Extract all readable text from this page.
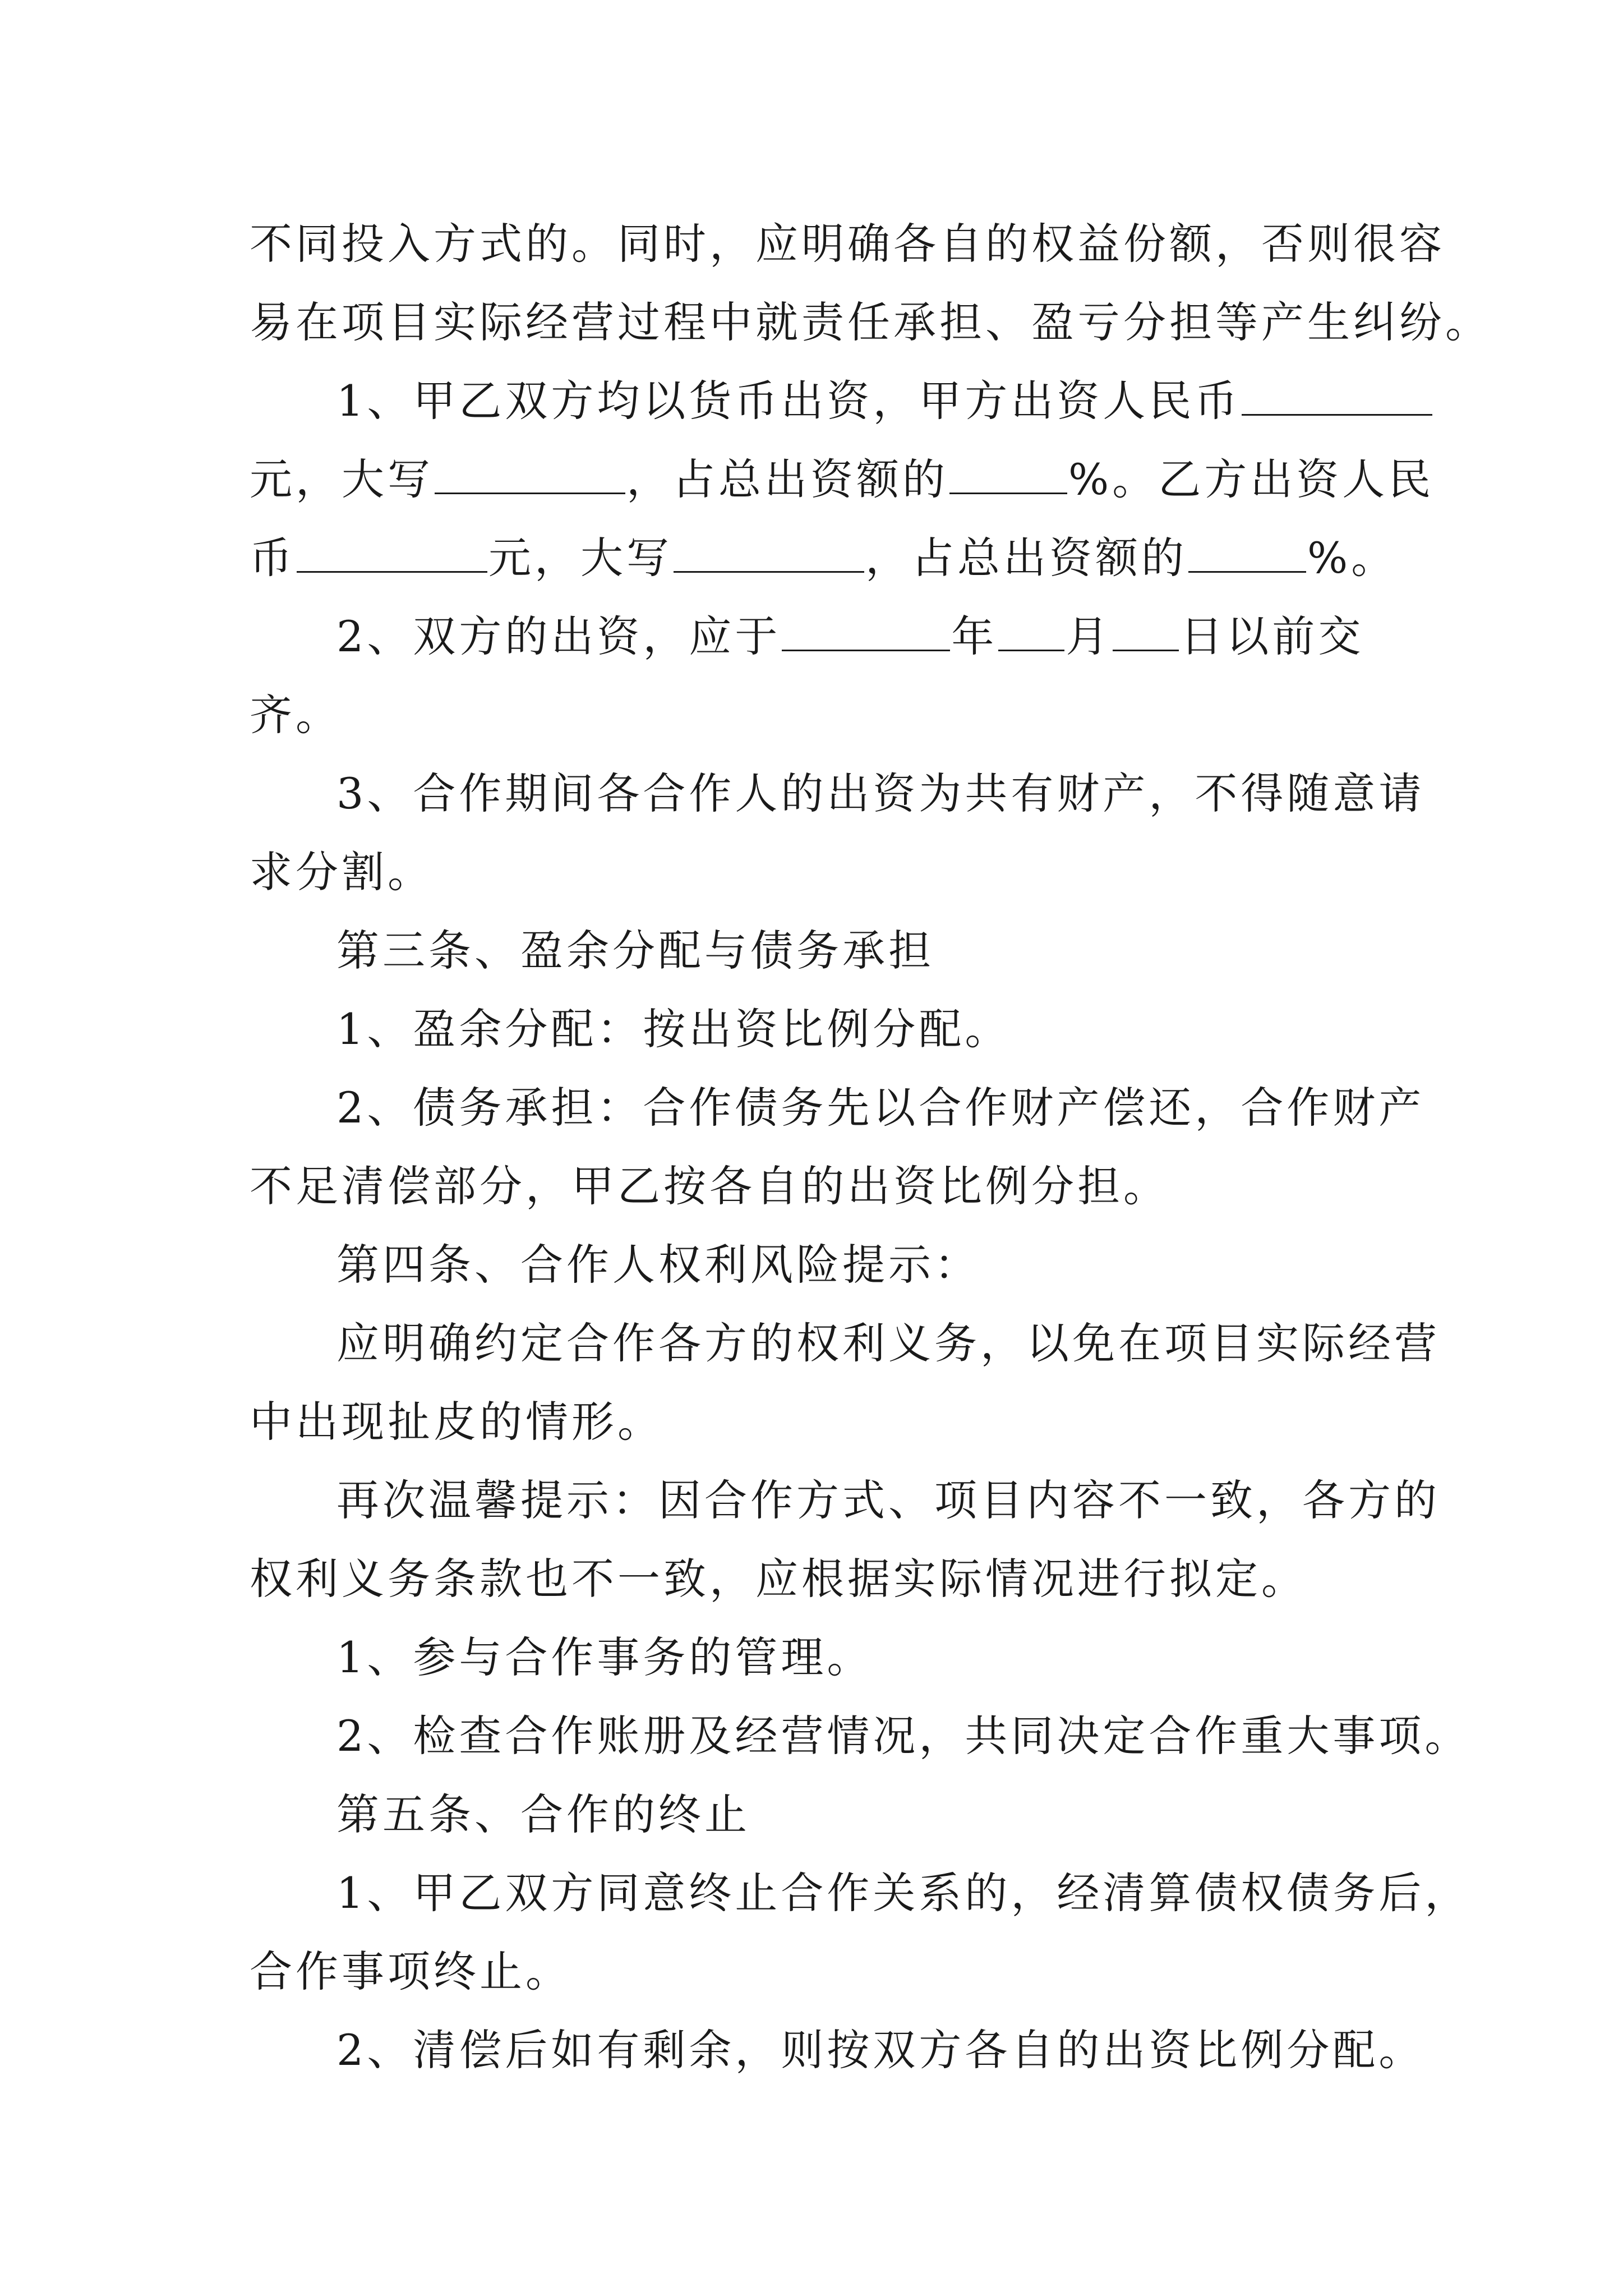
不同投入方式的。同时，应明确各自的权益份额，否则很容
易在项目实际经营过程中就责任承担、盈亏分担等产生纠纷。
1、甲乙双方均以货币出资，甲方出资人民币
元，大写	，占总出资额的	%。乙方出资人民
币	元，大写	，占总出资额的	%。
2、双方的出资，应于	年 月 日以前交
齐。
3、合作期间各合作人的出资为共有财产，不得随意请
求分割。
第三条、盈余分配与债务承担
1、盈余分配：按出资比例分配。
2、债务承担：合作债务先以合作财产偿还，合作财产
不足清偿部分，甲乙按各自的出资比例分担。
第四条、合作人权利风险提示：
应明确约定合作各方的权利义务，以免在项目实际经营
中出现扯皮的情形。
再次温馨提示：因合作方式、项目内容不一致，各方的
权利义务条款也不一致，应根据实际情况进行拟定。
1、参与合作事务的管理。
2、检查合作账册及经营情况，共同决定合作重大事项。
第五条、合作的终止
1、甲乙双方同意终止合作关系的，经清算债权债务后，
合作事项终止。
2、清偿后如有剩余，则按双方各自的出资比例分配。
